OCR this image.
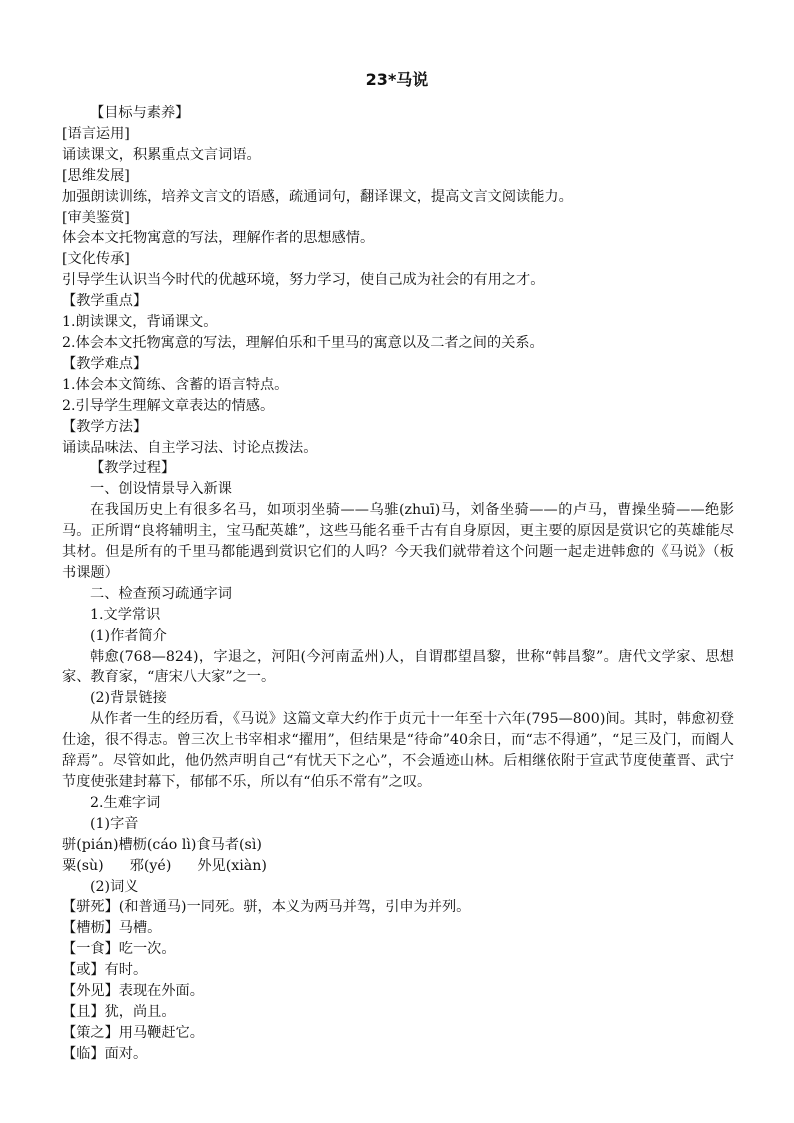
23*马说

【目标与素养】

[语言运用]

诵读课文，积累重点文言词语。

[思维发展]

加强朗读训练，培养文言文的语感，疏通词句，翻译课文，提高文言文阅读能力。

[审美鉴赏]

体会本文托物寓意的写法，理解作者的思想感情。

[文化传承]

引导学生认识当今时代的优越环境，努力学习，使自己成为社会的有用之才。

【教学重点】

1.朗读课文，背诵课文。

2.体会本文托物寓意的写法，理解伯乐和千里马的寓意以及二者之间的关系。

【教学难点】

1.体会本文简练、含蓄的语言特点。

2.引导学生理解文章表达的情感。

【教学方法】

诵读品味法、自主学习法、讨论点拨法。

【教学过程】

一、创设情景导入新课

在我国历史上有很多名马，如项羽坐骑——乌骓(zhuī)马，刘备坐骑——的卢马，曹操坐骑——绝影马。正所谓“良将辅明主，宝马配英雄”，这些马能名垂千古有自身原因，更主要的原因是赏识它的英雄能尽其材。但是所有的千里马都能遇到赏识它们的人吗？今天我们就带着这个问题一起走进韩愈的《马说》（板书课题）

二、检查预习疏通字词

1.文学常识

(1)作者简介

韩愈(768—824)，字退之，河阳(今河南孟州)人，自谓郡望昌黎，世称“韩昌黎”。唐代文学家、思想家、教育家，“唐宋八大家”之一。

(2)背景链接

从作者一生的经历看，《马说》这篇文章大约作于贞元十一年至十六年(795—800)间。其时，韩愈初登仕途，很不得志。曾三次上书宰相求“擢用”，但结果是“待命”40余日，而“志不得通”，“足三及门，而阍人辞焉”。尽管如此，他仍然声明自己“有忧天下之心”，不会遁迹山林。后相继依附于宣武节度使董晋、武宁节度使张建封幕下，郁郁不乐，所以有“伯乐不常有”之叹。

2.生难字词

(1)字音

骈(pián)槽枥(cáo lì)食马者(sì)

粟(sù) 邪(yé) 外见(xiàn)

(2)词义

【骈死】(和普通马)一同死。骈，本义为两马并驾，引申为并列。

【槽枥】马槽。

【一食】吃一次。

【或】有时。

【外见】表现在外面。

【且】犹，尚且。

【策之】用马鞭赶它。

【临】面对。
